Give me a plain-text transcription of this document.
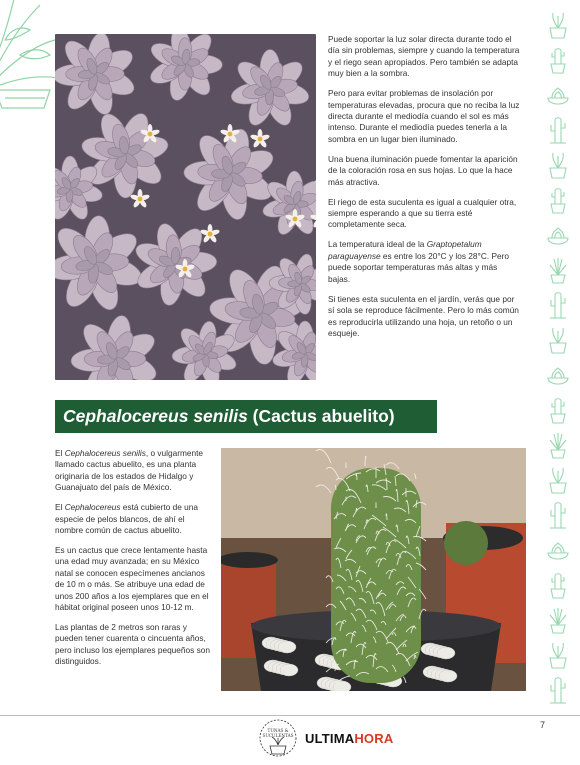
Puede soportar la luz solar directa durante todo el día sin problemas, siempre y cuando la temperatura y el riego sean apropiados. Pero también se adapta muy bien a la sombra.

Pero para evitar problemas de insolación por temperaturas elevadas, procura que no reciba la luz directa durante el mediodía cuando el sol es más intenso. Durante el mediodía puedes tenerla a la sombra en un lugar bien iluminado.

Una buena iluminación puede fomentar la aparición de la coloración rosa en sus hojas. Lo que la hace más atractiva.

El riego de esta suculenta es igual a cualquier otra, siempre esperando a que su tierra esté completamente seca.

La temperatura ideal de la Graptopetalum paraguayense es entre los 20°C y los 28°C. Pero puede soportar temperaturas más altas y más bajas.

Si tienes esta suculenta en el jardín, verás que por sí sola se reproduce fácilmente. Pero lo más común es reproducirla utilizando una hoja, un retoño o un esqueje.

Cephalocereus senilis (Cactus abuelito)

El Cephalocereus senilis, o vulgarmente llamado cactus abuelito, es una planta originaria de los estados de Hidalgo y Guanajuato del país de México.

El Cephalocereus está cubierto de una especie de pelos blancos, de ahí el nombre común de cactus abuelito.

Es un cactus que crece lentamente hasta una edad muy avanzada; en su México natal se conocen especímenes ancianos de 10 m o más. Se atribuye una edad de unos 200 años a los ejemplares que en el hábitat original poseen unos 10-12 m.

Las plantas de 2 metros son raras y pueden tener cuarenta o cincuenta años, pero incluso los ejemplares pequeños son distinguidos.

TUNAS &
SUCULENTAS ULTIMAHORA
7
